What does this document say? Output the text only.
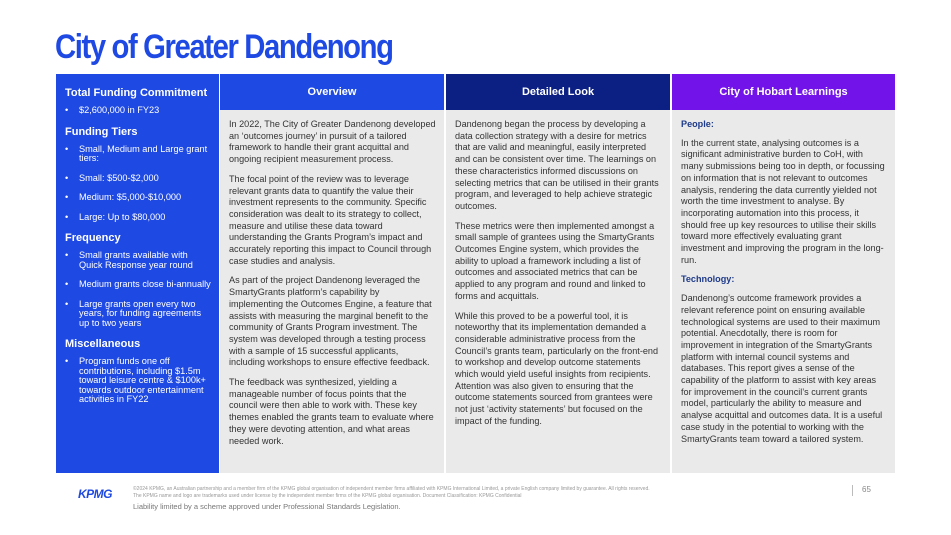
City of Greater Dandenong
Total Funding Commitment
• $2,600,000 in FY23
Funding Tiers
• Small, Medium and Large grant tiers:
• Small: $500-$2,000
• Medium: $5,000-$10,000
• Large: Up to $80,000
Frequency
• Small grants available with Quick Response year round
• Medium grants close bi-annually
• Large grants open every two years, for funding agreements up to two years
Miscellaneous
• Program funds one off contributions, including $1.5m toward leisure centre & $100k+ towards outdoor entertainment activities in FY22
Overview

In 2022, The City of Greater Dandenong developed an ‘outcomes journey’ in pursuit of a tailored framework to handle their grant acquittal and ongoing recipient measurement process.

The focal point of the review was to leverage relevant grants data to quantify the value their investment represents to the community. Specific consideration was dealt to its strategy to collect, measure and utilise these data toward understanding the Grants Program’s impact and accurately reporting this impact to Council through case studies and analysis.

As part of the project Dandenong leveraged the SmartyGrants platform’s capability by implementing the Outcomes Engine, a feature that assists with measuring the marginal benefit to the community of Grants Program investment. The system was developed through a testing process with a sample of 15 successful applicants, including workshops to ensure effective feedback.

The feedback was synthesized, yielding a manageable number of focus points that the council were then able to work with. These key themes enabled the grants team to evaluate where they were devoting attention, and what areas needed work.

Detailed Look

Dandenong began the process by developing a data collection strategy with a desire for metrics that are valid and meaningful, easily interpreted and can be consistent over time. The learnings on these characteristics informed discussions on selecting metrics that can be utilised in their grants program, and leveraged to help achieve strategic outcomes.

These metrics were then implemented amongst a small sample of grantees using the SmartyGrants Outcomes Engine system, which provides the ability to upload a framework including a list of outcomes and associated metrics that can be applied to any program and round and linked to forms and acquittals.

While this proved to be a powerful tool, it is noteworthy that its implementation demanded a considerable administrative process from the Council’s grants team, particularly on the front-end to workshop and develop outcome statements which would yield useful insights from recipients. Attention was also given to ensuring that the outcome statements sourced from grantees were not just ‘activity statements’ but focused on the impact of the funding.

City of Hobart Learnings

People:

In the current state, analysing outcomes is a significant administrative burden to CoH, with many submissions being too in depth, or focussing on information that is not relevant to outcomes analysis, rendering the data currently yielded not worth the time investment to analyse. By incorporating automation into this process, it should free up key resources to utilise their skills toward more effectively evaluating grant investment and improving the program in the long-run.

Technology:

Dandenong’s outcome framework provides a relevant reference point on ensuring available technological systems are used to their maximum potential. Anecdotally, there is room for improvement in integration of the SmartyGrants platform with internal council systems and databases. This report gives a sense of the capability of the platform to assist with key areas for improvement in the council’s current grants model, particularly the ability to measure and analyse acquittal and outcomes data. It is a useful case study in the potential to working with the SmartyGrants team toward a tailored system.

KPMG	©2024 KPMG, an Australian partnership and a member firm of the KPMG global organisation of independent member firms affiliated with KPMG International Limited, a private English company limited by guarantee. All rights reserved.
The KPMG name and logo are trademarks used under license by the independent member firms of the KPMG global organisation. Document Classification: KPMG Confidential
Liability limited by a scheme approved under Professional Standards Legislation.
65
